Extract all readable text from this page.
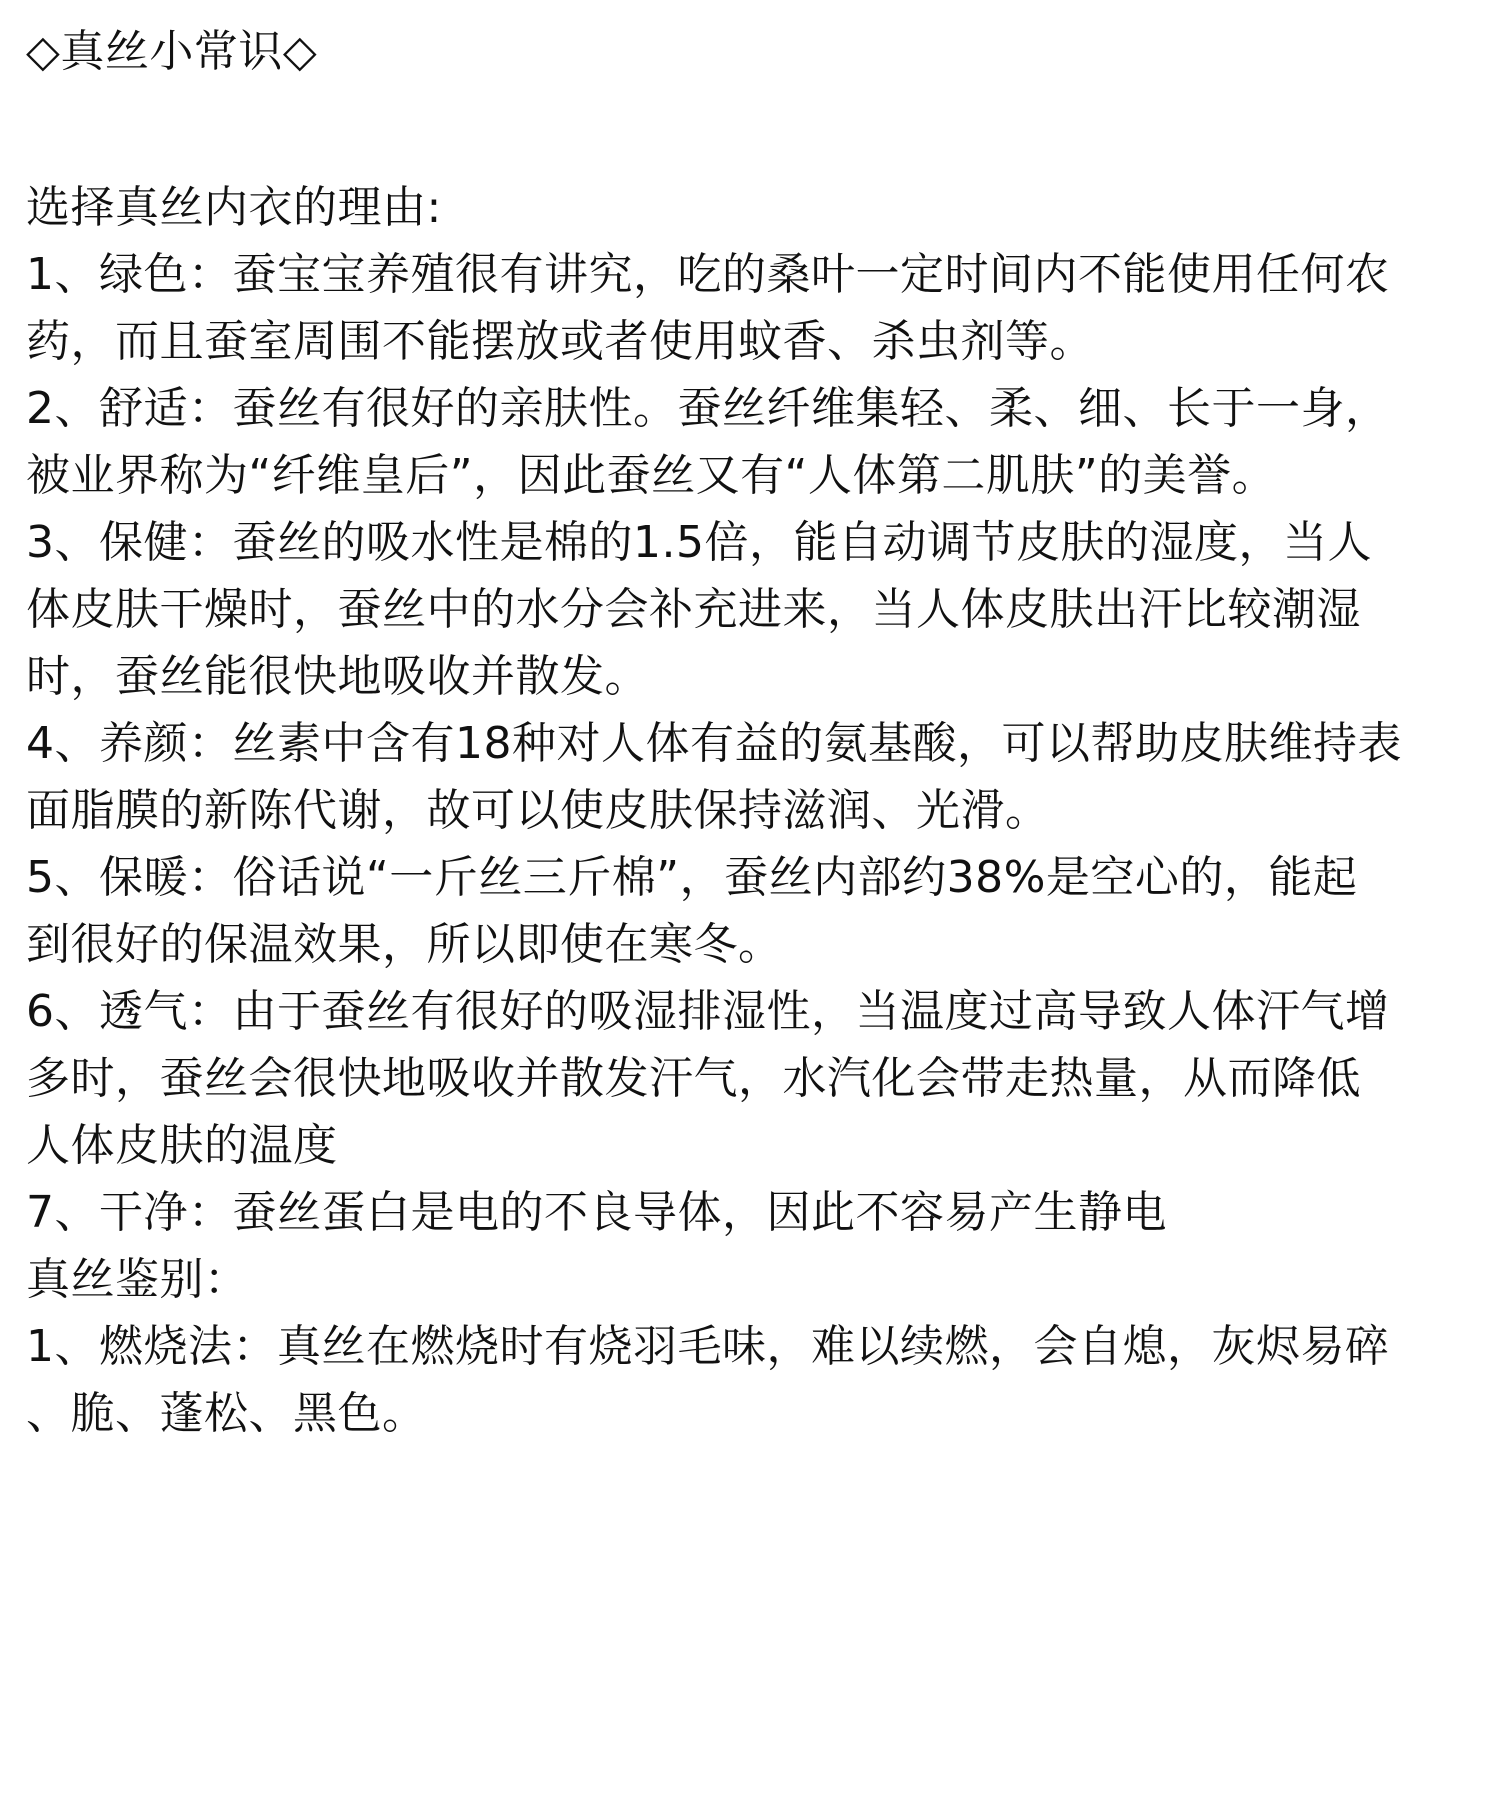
◇真丝小常识◇
选择真丝内衣的理由:
1、绿色：蚕宝宝养殖很有讲究，吃的桑叶一定时间内不能使用任何农
药，而且蚕室周围不能摆放或者使用蚊香、杀虫剂等。
2、舒适：蚕丝有很好的亲肤性。蚕丝纤维集轻、柔、细、长于一身，
被业界称为“纤维皇后”，因此蚕丝又有“人体第二肌肤”的美誉。
3、保健：蚕丝的吸水性是棉的1.5倍，能自动调节皮肤的湿度，当人
体皮肤干燥时，蚕丝中的水分会补充进来，当人体皮肤出汗比较潮湿
时，蚕丝能很快地吸收并散发。
4、养颜：丝素中含有18种对人体有益的氨基酸，可以帮助皮肤维持表
面脂膜的新陈代谢，故可以使皮肤保持滋润、光滑。
5、保暖：俗话说“一斤丝三斤棉”，蚕丝内部约38%是空心的，能起
到很好的保温效果，所以即使在寒冬。
6、透气：由于蚕丝有很好的吸湿排湿性，当温度过高导致人体汗气增
多时，蚕丝会很快地吸收并散发汗气，水汽化会带走热量，从而降低
人体皮肤的温度
7、干净：蚕丝蛋白是电的不良导体，因此不容易产生静电
真丝鉴别：
1、燃烧法：真丝在燃烧时有烧羽毛味，难以续燃，会自熄，灰烬易碎
、脆、蓬松、黑色。
